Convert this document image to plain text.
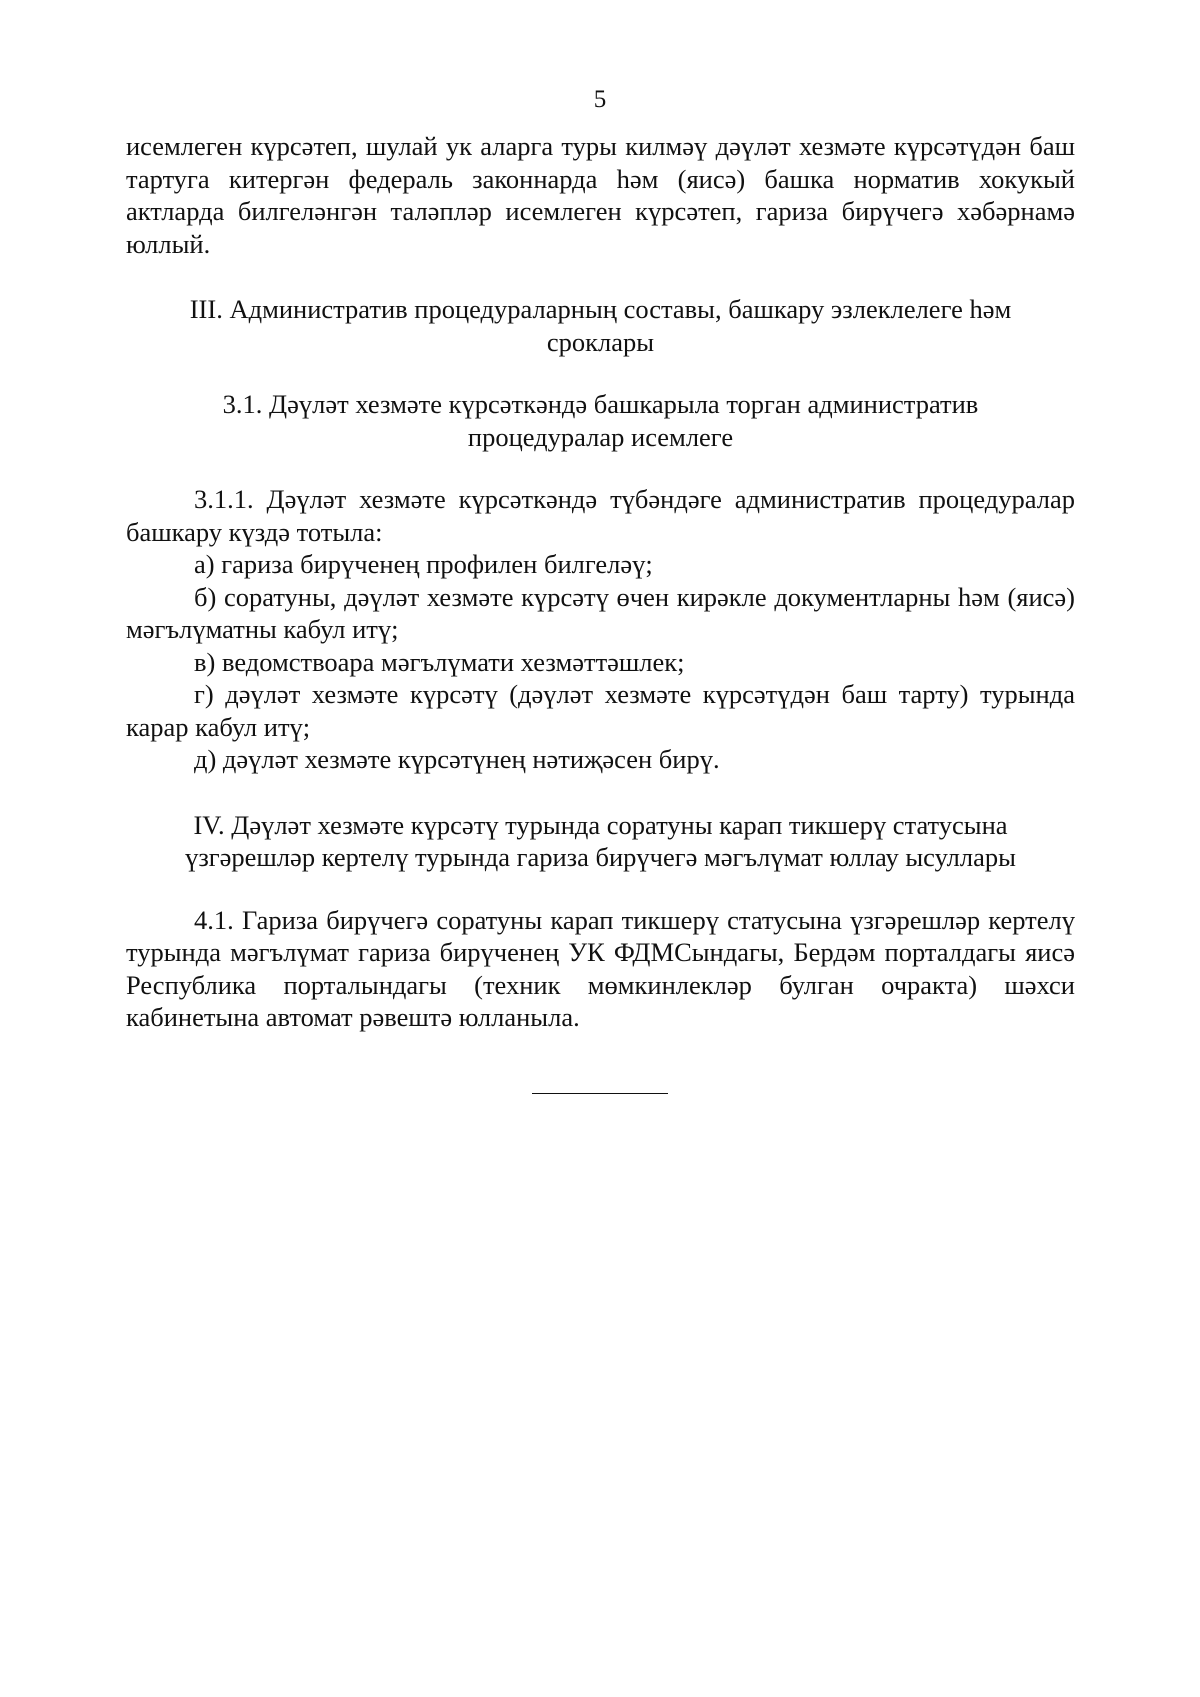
5

исемлеген күрсәтеп, шулай ук аларга туры килмәү дәүләт хезмәте күрсәтүдән баш тартуга китергән федераль законнарда һәм (яисә) башка норматив хокукый актларда билгеләнгән таләпләр исемлеген күрсәтеп, гариза бирүчегә хәбәрнамә юллый.

III. Административ процедураларның составы, башкару эзлеклелеге һәм

сроклары

3.1. Дәүләт хезмәте күрсәткәндә башкарыла торган административ

процедуралар исемлеге

3.1.1. Дәүләт хезмәте күрсәткәндә түбәндәге административ процедуралар башкару күздә тотыла:

а) гариза бирүченең профилен билгеләү;

б) соратуны, дәүләт хезмәте күрсәтү өчен кирәкле документларны һәм (яисә) мәгълүматны кабул итү;

в) ведомствоара мәгълүмати хезмәттәшлек;

г) дәүләт хезмәте күрсәтү (дәүләт хезмәте күрсәтүдән баш тарту) турында карар кабул итү;

д) дәүләт хезмәте күрсәтүнең нәтиҗәсен бирү.

IV. Дәүләт хезмәте күрсәтү турында соратуны карап тикшерү статусына

үзгәрешләр кертелү турында гариза бирүчегә мәгълүмат юллау ысуллары

4.1. Гариза бирүчегә соратуны карап тикшерү статусына үзгәрешләр кертелү турында мәгълүмат гариза бирүченең УК ФДМСындагы, Бердәм порталдагы яисә Республика порталындагы (техник мөмкинлекләр булган очракта) шәхси кабинетына автомат рәвештә юлланыла.
